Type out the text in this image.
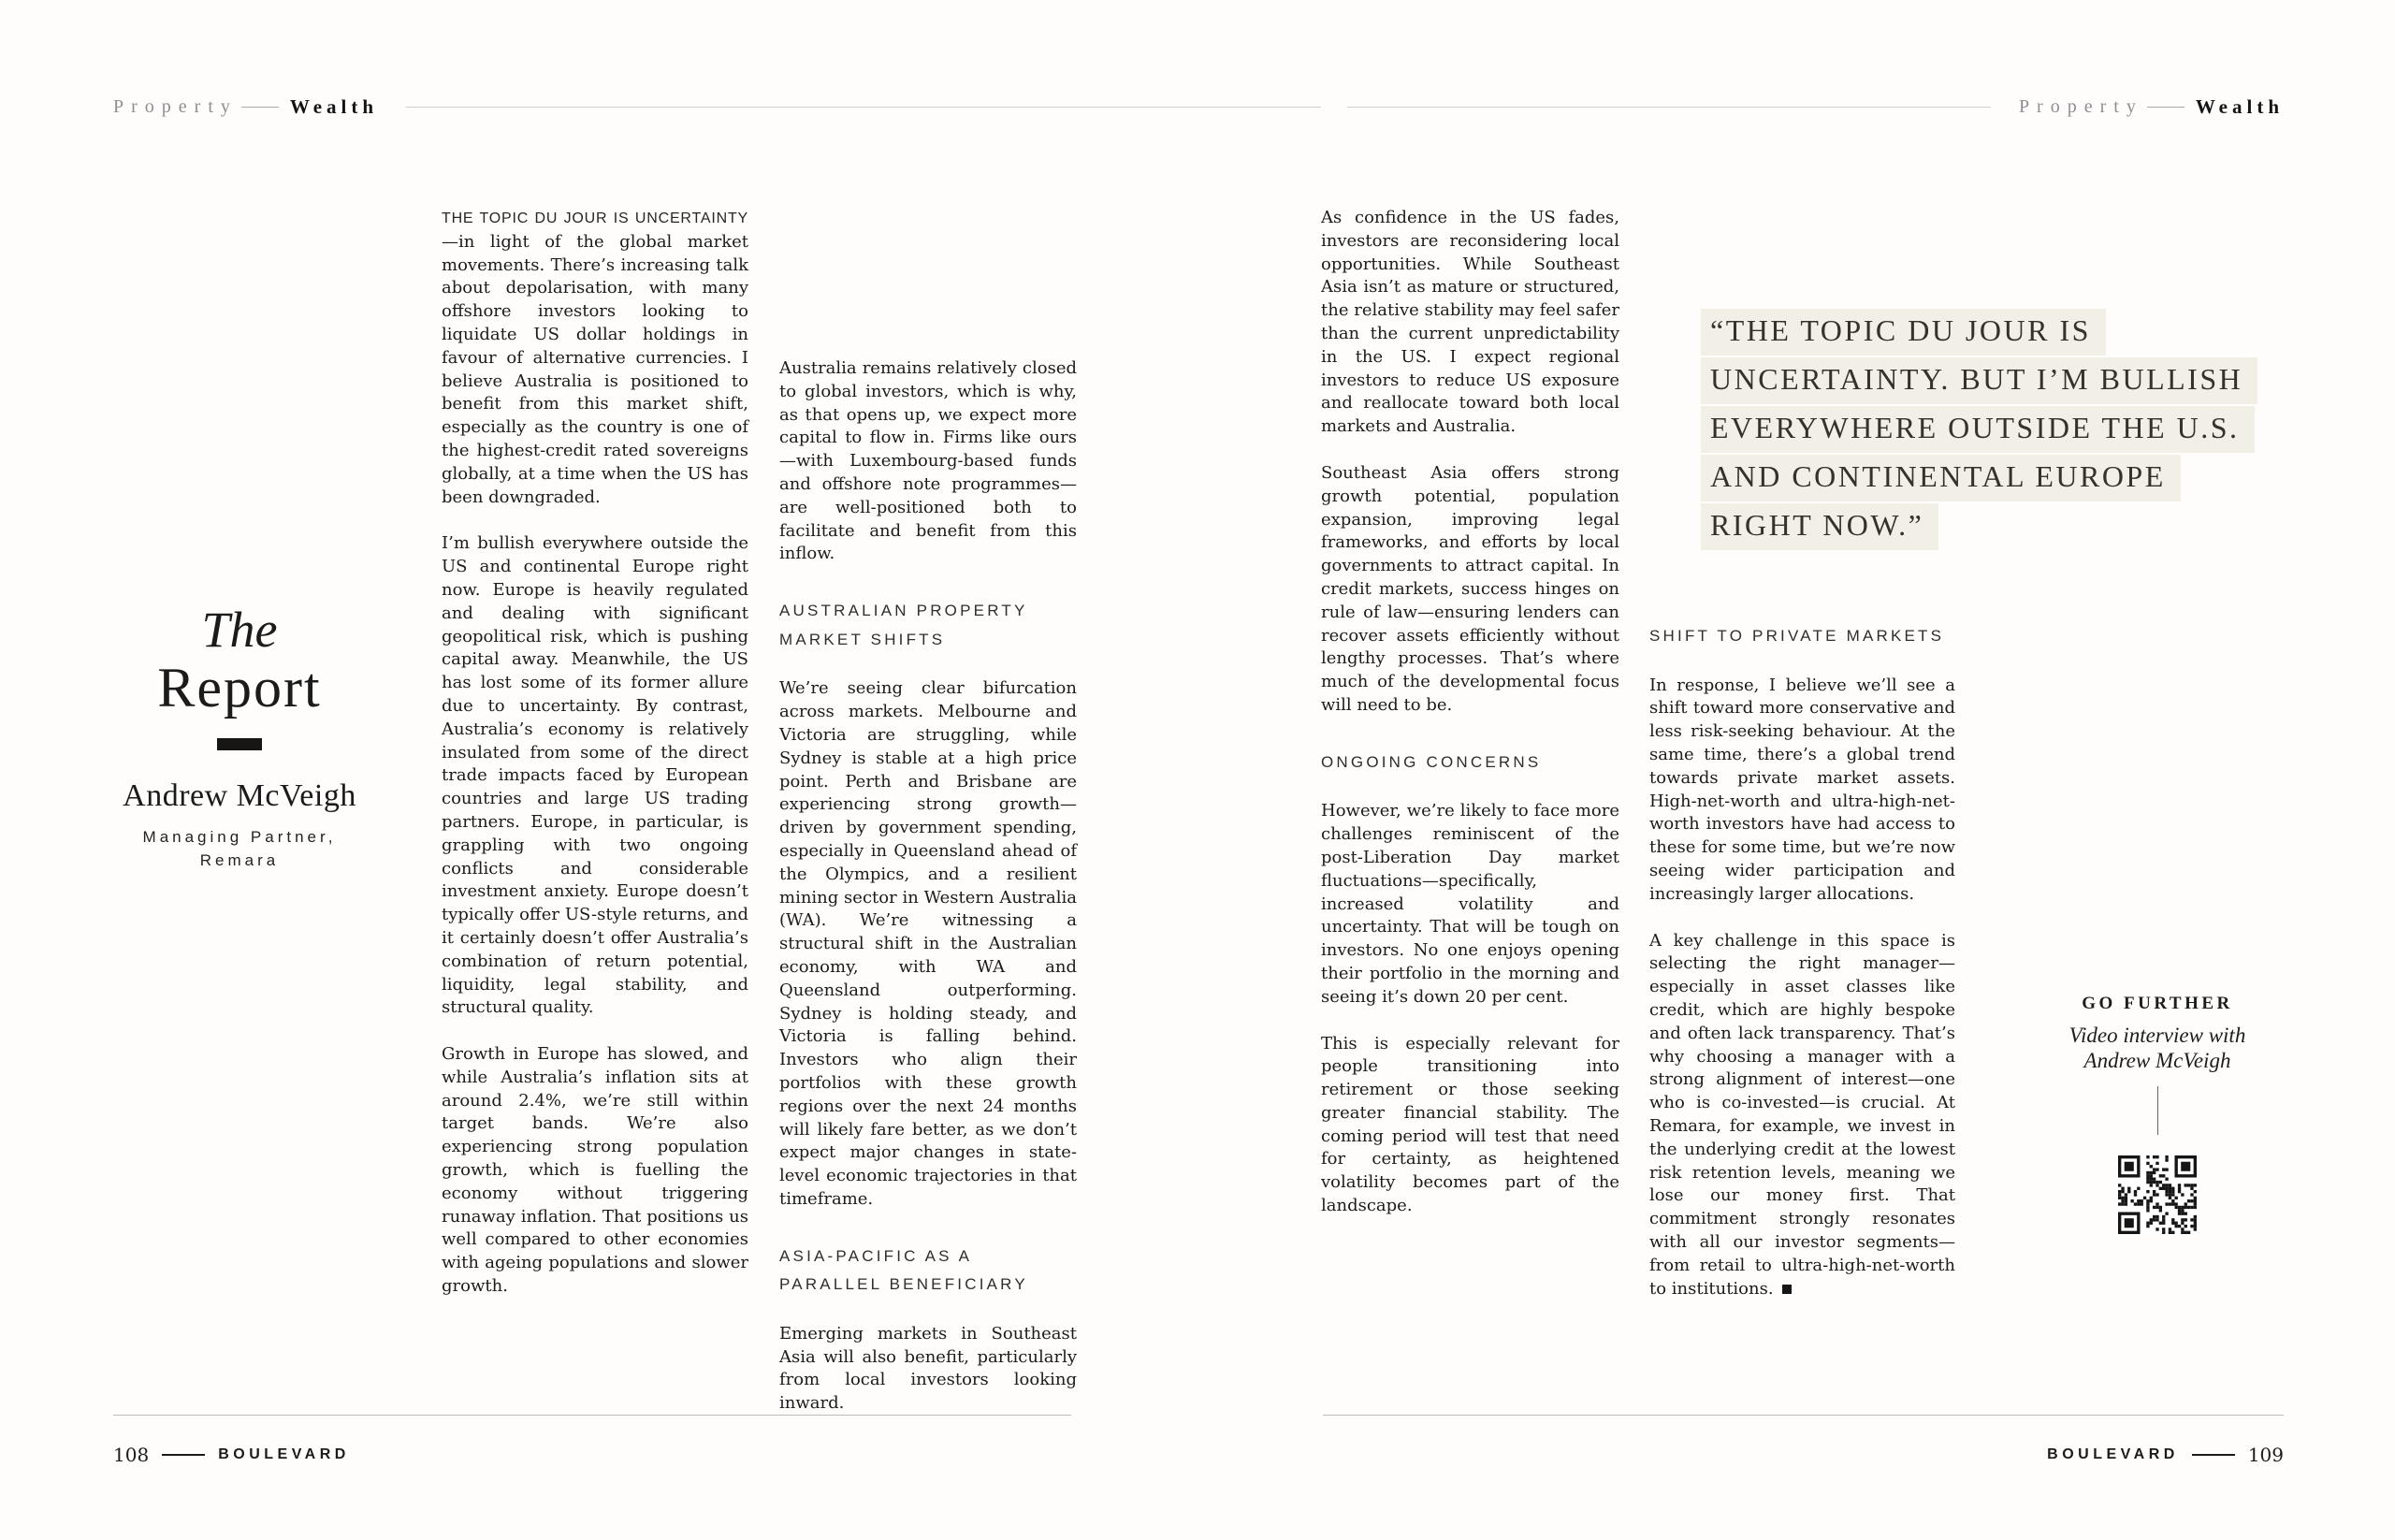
Property	Wealth	Property	Wealth
The
Report
Andrew McVeigh
Managing Partner,
Remara

THE TOPIC DU JOUR IS UNCERTAINTY—in light of the global market movements. There’s increasing talk about depolarisation, with many offshore investors looking to liquidate US dollar holdings in favour of alternative currencies. I believe Australia is positioned to benefit from this market shift, especially as the country is one of the highest-credit rated sovereigns globally, at a time when the US has been downgraded.

I’m bullish everywhere outside the US and continental Europe right now. Europe is heavily regulated and dealing with significant geopolitical risk, which is pushing capital away. Meanwhile, the US has lost some of its former allure due to uncertainty. By contrast, Australia’s economy is relatively insulated from some of the direct trade impacts faced by European countries and large US trading partners. Europe, in particular, is grappling with two ongoing conflicts and considerable investment anxiety. Europe doesn’t typically offer US-style returns, and it certainly doesn’t offer Australia’s combination of return potential, liquidity, legal stability, and structural quality.

Growth in Europe has slowed, and while Australia’s inflation sits at around 2.4%, we’re still within target bands. We’re also experiencing strong population growth, which is fuelling the economy without triggering runaway inflation. That positions us well compared to other economies with ageing populations and slower growth.

Australia remains relatively closed to global investors, which is why, as that opens up, we expect more capital to flow in. Firms like ours—with Luxembourg-based funds and offshore note programmes—are well-positioned both to facilitate and benefit from this inflow.

AUSTRALIAN PROPERTY MARKET SHIFTS

We’re seeing clear bifurcation across markets. Melbourne and Victoria are struggling, while Sydney is stable at a high price point. Perth and Brisbane are experiencing strong growth—driven by government spending, especially in Queensland ahead of the Olympics, and a resilient mining sector in Western Australia (WA). We’re witnessing a structural shift in the Australian economy, with WA and Queensland outperforming. Sydney is holding steady, and Victoria is falling behind. Investors who align their portfolios with these growth regions over the next 24 months will likely fare better, as we don’t expect major changes in state-level economic trajectories in that timeframe.

ASIA-PACIFIC AS A PARALLEL BENEFICIARY

Emerging markets in Southeast Asia will also benefit, particularly from local investors looking inward.

As confidence in the US fades, investors are reconsidering local opportunities. While Southeast Asia isn’t as mature or structured, the relative stability may feel safer than the current unpredictability in the US. I expect regional investors to reduce US exposure and reallocate toward both local markets and Australia.

Southeast Asia offers strong growth potential, population expansion, improving legal frameworks, and efforts by local governments to attract capital. In credit markets, success hinges on rule of law—ensuring lenders can recover assets efficiently without lengthy processes. That’s where much of the developmental focus will need to be.

ONGOING CONCERNS

However, we’re likely to face more challenges reminiscent of the post-Liberation Day market fluctuations—specifically, increased volatility and uncertainty. That will be tough on investors. No one enjoys opening their portfolio in the morning and seeing it’s down 20 per cent.

This is especially relevant for people transitioning into retirement or those seeking greater financial stability. The coming period will test that need for certainty, as heightened volatility becomes part of the landscape.

“THE TOPIC DU JOUR IS
UNCERTAINTY. BUT I’M BULLISH
EVERYWHERE OUTSIDE THE U.S.
AND CONTINENTAL EUROPE
RIGHT NOW.”
SHIFT TO PRIVATE MARKETS

In response, I believe we’ll see a shift toward more conservative and less risk-seeking behaviour. At the same time, there’s a global trend towards private market assets. High-net-worth and ultra-high-net-worth investors have had access to these for some time, but we’re now seeing wider participation and increasingly larger allocations.

A key challenge in this space is selecting the right manager—especially in asset classes like credit, which are highly bespoke and often lack transparency. That’s why choosing a manager with a strong alignment of interest—one who is co-invested—is crucial. At Remara, for example, we invest in the underlying credit at the lowest risk retention levels, meaning we lose our money first. That commitment strongly resonates with all our investor segments—from retail to ultra-high-net-worth to institutions.

GO FURTHER
Video interview with
Andrew McVeigh
108	BOULEVARD	BOULEVARD	109
